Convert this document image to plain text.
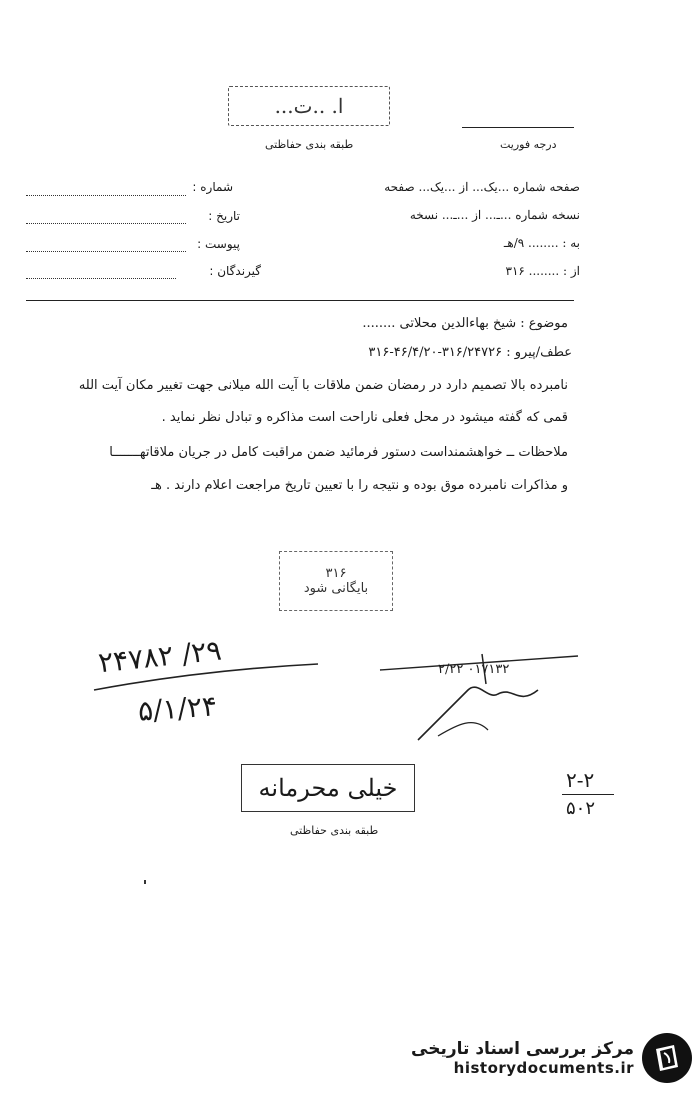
ا. ..ت...
طبقه بندی حفاظتی	درجه فوریت
صفحه شماره ...یک... از ...یک... صفحه
نسخه شماره ...ـ... از ...ـ... نسخه
به : ........ ۹/هـ
از : ........ ۳۱۶
شماره :
تاریخ :
پیوست :
گیرندگان :
موضوع : شیخ بهاءالدین محلاتی ........
عطف/پیرو : ۳۱۶/۲۴۷۲۶-۴۶/۴/۲۰-۳۱۶
نامبرده بالا تصمیم دارد در رمضان ضمن ملاقات با آیت الله میلانی جهت تغییر مکان آیت الله
قمی که گفته میشود در محل فعلی ناراحت است مذاکره و تبادل نظر نماید .
ملاحظات ــ خواهشمنداست دستور فرمائید ضمن مراقبت کامل در جریان ملاقاتهـــــــا
و مذاکرات نامبرده موق بوده و نتیجه را با تعیین تاریخ مراجعت اعلام دارند . هـ
۳۱۶
بایگانی شود
۲۹/ ۲۴۷۸۲
۵/۱/۲۴
۲/۲۲ ۰۱۷۱۳۲
۲-۲
۵۰۲
خیلی محرمانه
طبقه بندی حفاظتی
مرکز بررسی اسناد تاریخی
historydocuments.ir
